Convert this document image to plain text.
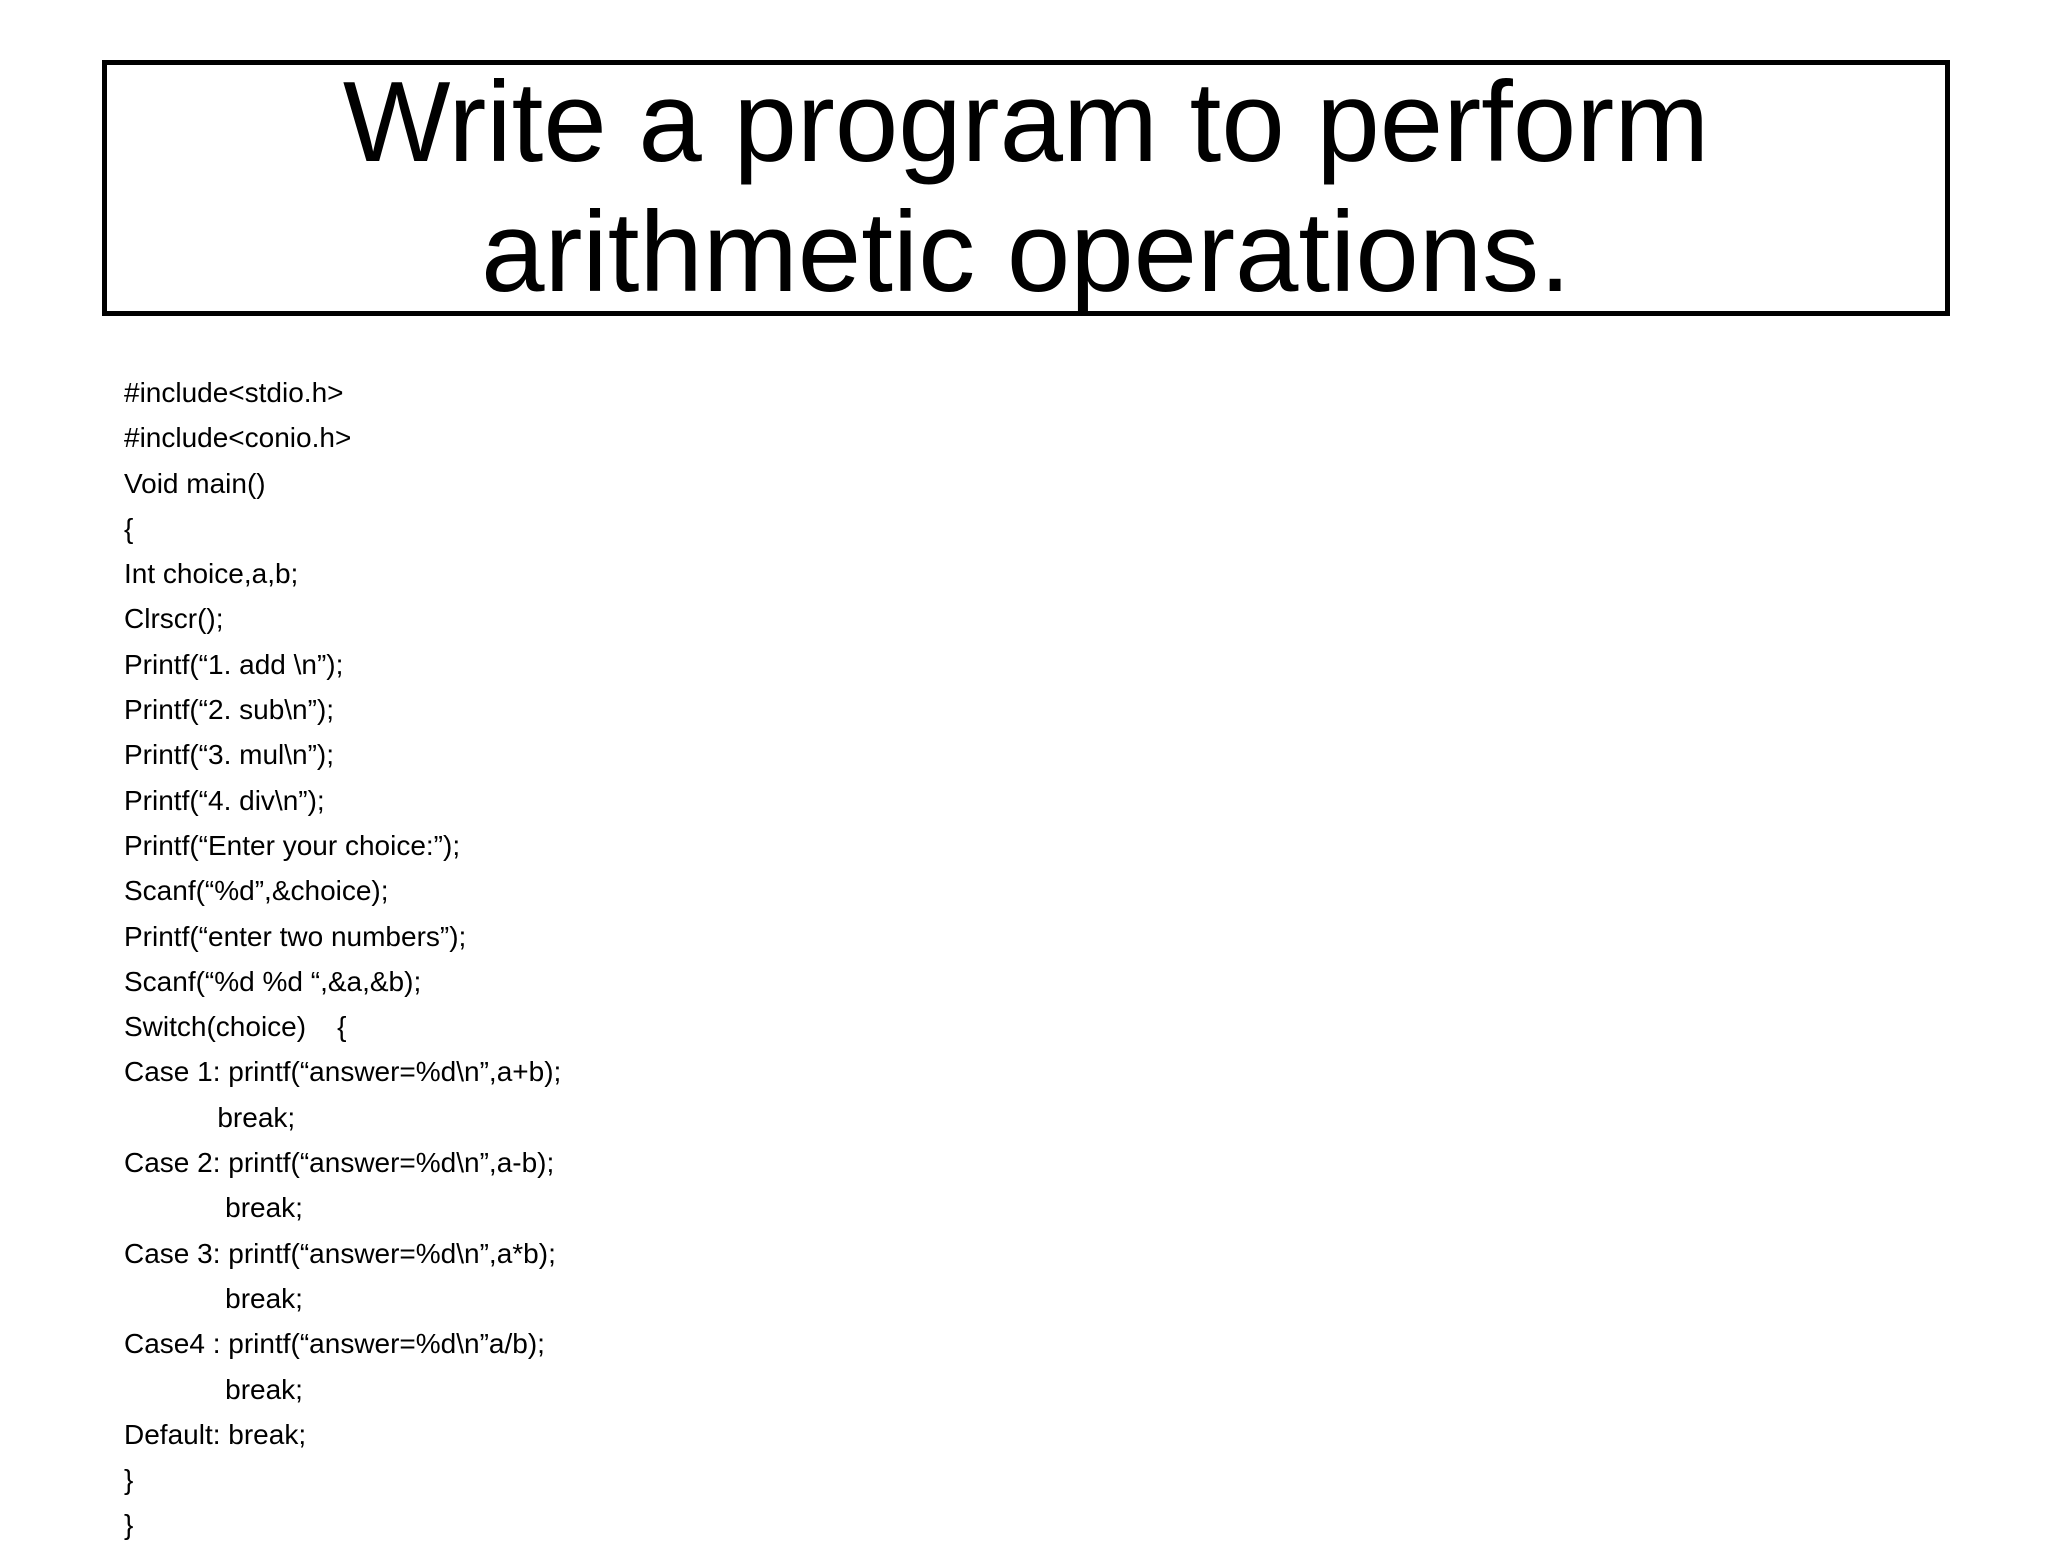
Write a program to perform arithmetic operations.
#include<stdio.h>
#include<conio.h>
Void main()
{
Int choice,a,b;
Clrscr();
Printf(“1. add \n”);
Printf(“2. sub\n”);
Printf(“3. mul\n”);
Printf(“4. div\n”);
Printf(“Enter your choice:”);
Scanf(“%d”,&choice);
Printf(“enter two numbers”);
Scanf(“%d %d “,&a,&b);
Switch(choice)    {
Case 1: printf(“answer=%d\n”,a+b);
break;
Case 2: printf(“answer=%d\n”,a-b);
break;
Case 3: printf(“answer=%d\n”,a*b);
break;
Case4 : printf(“answer=%d\n”a/b);
break;
Default: break;
}
}
